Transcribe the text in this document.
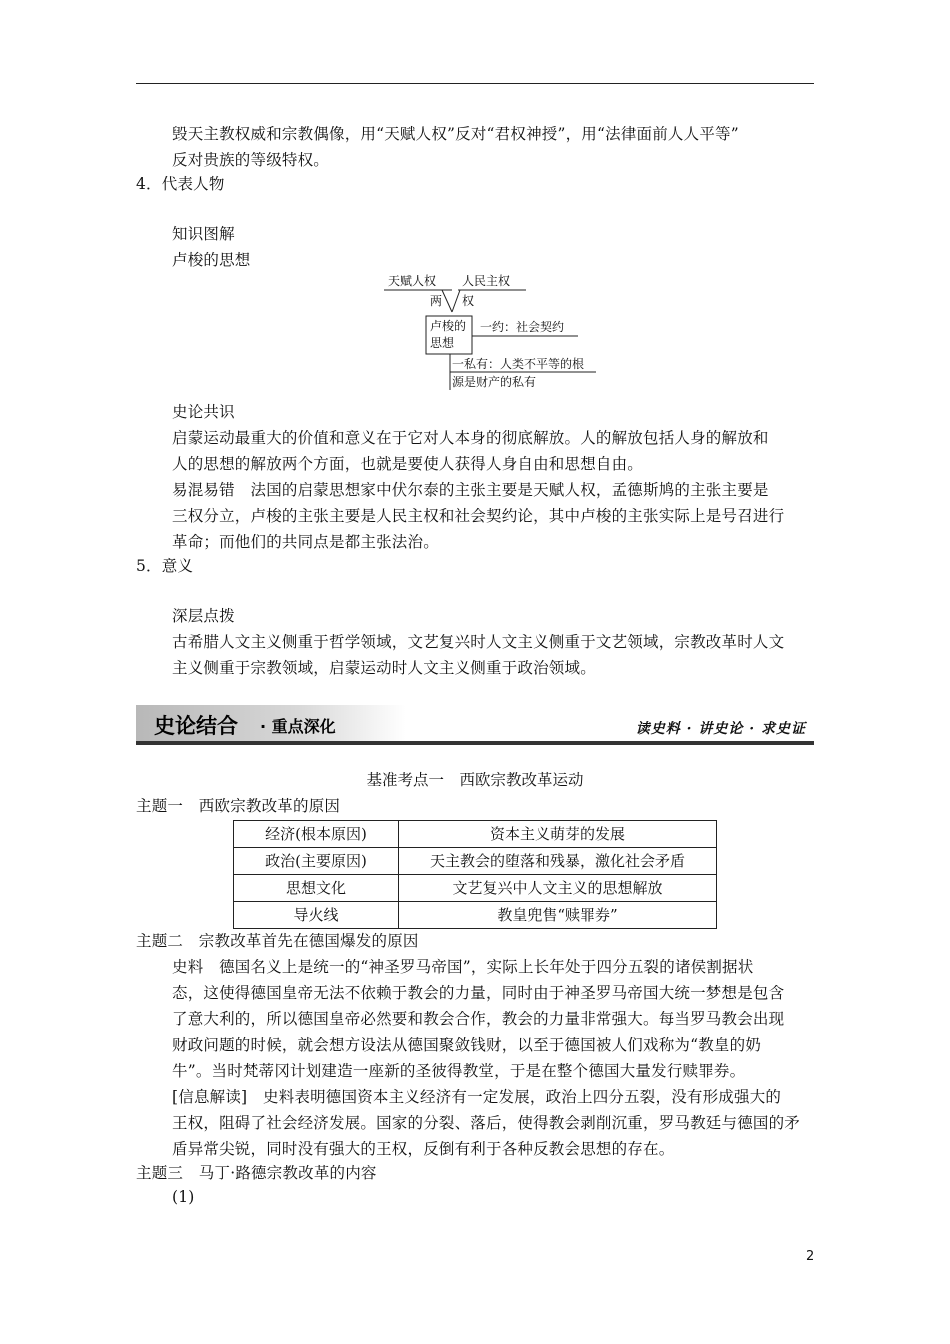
毁天主教权威和宗教偶像，用“天赋人权”反对“君权神授”，用“法律面前人人平等”
反对贵族的等级特权。
4．代表人物
知识图解
卢梭的思想
天赋人权 人民主权
两 权
卢梭的
思想
一约：社会契约
一私有：人类不平等的根
源是财产的私有
史论共识
启蒙运动最重大的价值和意义在于它对人本身的彻底解放。人的解放包括人身的解放和
人的思想的解放两个方面，也就是要使人获得人身自由和思想自由。
易混易错　法国的启蒙思想家中伏尔泰的主张主要是天赋人权，孟德斯鸠的主张主要是
三权分立，卢梭的主张主要是人民主权和社会契约论，其中卢梭的主张实际上是号召进行
革命；而他们的共同点是都主张法治。
5．意义
深层点拨
古希腊人文主义侧重于哲学领域，文艺复兴时人文主义侧重于文艺领域，宗教改革时人文
主义侧重于宗教领域，启蒙运动时人文主义侧重于政治领域。
史论结合 · 重点深化	读史料 · 讲史论 · 求史证
基准考点一　西欧宗教改革运动
主题一　西欧宗教改革的原因
经济(根本原因)	资本主义萌芽的发展
政治(主要原因)	天主教会的堕落和残暴，激化社会矛盾
思想文化	文艺复兴中人文主义的思想解放
导火线	教皇兜售“赎罪券”
主题二　宗教改革首先在德国爆发的原因
史料　德国名义上是统一的“神圣罗马帝国”，实际上长年处于四分五裂的诸侯割据状
态，这使得德国皇帝无法不依赖于教会的力量，同时由于神圣罗马帝国大统一梦想是包含
了意大利的，所以德国皇帝必然要和教会合作，教会的力量非常强大。每当罗马教会出现
财政问题的时候，就会想方设法从德国聚敛钱财，以至于德国被人们戏称为“教皇的奶
牛”。当时梵蒂冈计划建造一座新的圣彼得教堂，于是在整个德国大量发行赎罪券。
[信息解读]　史料表明德国资本主义经济有一定发展，政治上四分五裂，没有形成强大的
王权，阻碍了社会经济发展。国家的分裂、落后，使得教会剥削沉重，罗马教廷与德国的矛
盾异常尖锐，同时没有强大的王权，反倒有利于各种反教会思想的存在。
主题三　马丁·路德宗教改革的内容
(1)
2
